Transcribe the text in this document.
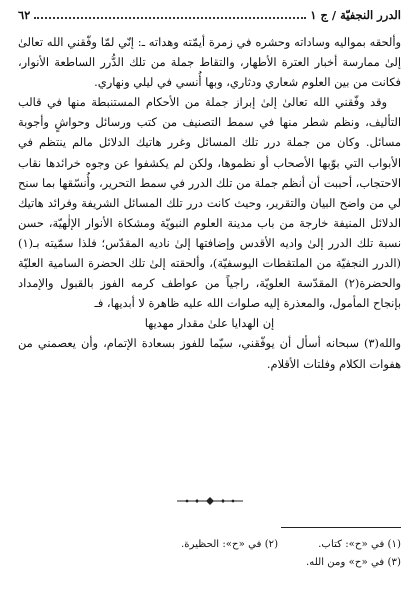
الدرر النجفيّة / ج ١
٦٢

وألحقه بمواليه وساداته وحشره في زمرة أيمّته وهداته ـ: إنّي لمّا وفّقني الله تعالىٰ إلىٰ ممارسة أخبار العترة الأطهار، والتقاط جملة من تلك الدُّرر الساطعة الأنوار، فكانت من بين العلوم شعاري ودثاري، وبها أُنسي في ليلي ونهاري.

وقد وفّقني الله تعالىٰ إلىٰ إبراز جملة من الأحكام المستنبطة منها في قالب التأليف، ونظم شطر منها في سمط التصنيف من كتب ورسائل وحواشٍ وأجوبة مسائل. وكان من جملة درر تلك المسائل وغرر هاتيك الدلائل مالم ينتظم في الأبواب التي بوّبها الأصحاب أو نظموها، ولكن لم يكشفوا عن وجوه خرائدها نقاب الاحتجاب، أحببت أن أنظم جملة من تلك الدرر في سمط التحرير، وأُنسّقها بما سنح لي من واضح البيان والتقرير، وحيث كانت درر تلك المسائل الشريفة وفرائد هاتيك الدلائل المنيفة خارجة من باب مدينة العلوم النبويّة ومشكاة الأنوار الإلٰهيّة، حسن نسبة تلك الدرر إلىٰ واديه الأقدس وإضافتها إلىٰ ناديه المقدّس؛ فلذا سمّيته بـ(١) (الدرر النجفيّة من الملتقطات اليوسفيّة)، وألحقته إلىٰ تلك الحضرة السامية العليّة والحضرة(٢) المقدّسة العلويّة، راجياً من عواطف كرمه الفوز بالقبول والإمداد بإنجاح المأمول، والمعذرة إليه صلوات الله عليه ظاهرة لا أبديها، فـ

إن الهدايا علىٰ مقدار مهديها

والله(٣) سبحانه أسأل أن يوفّقني، سيّما للفوز بسعادة الإتمام، وأن يعصمني من هفوات الكلام وفلتات الأقلام.

(١) في «ح»: كتاب.
(٢) في «ح»: الحظيرة.
(٣) في «ح» ومن الله.
